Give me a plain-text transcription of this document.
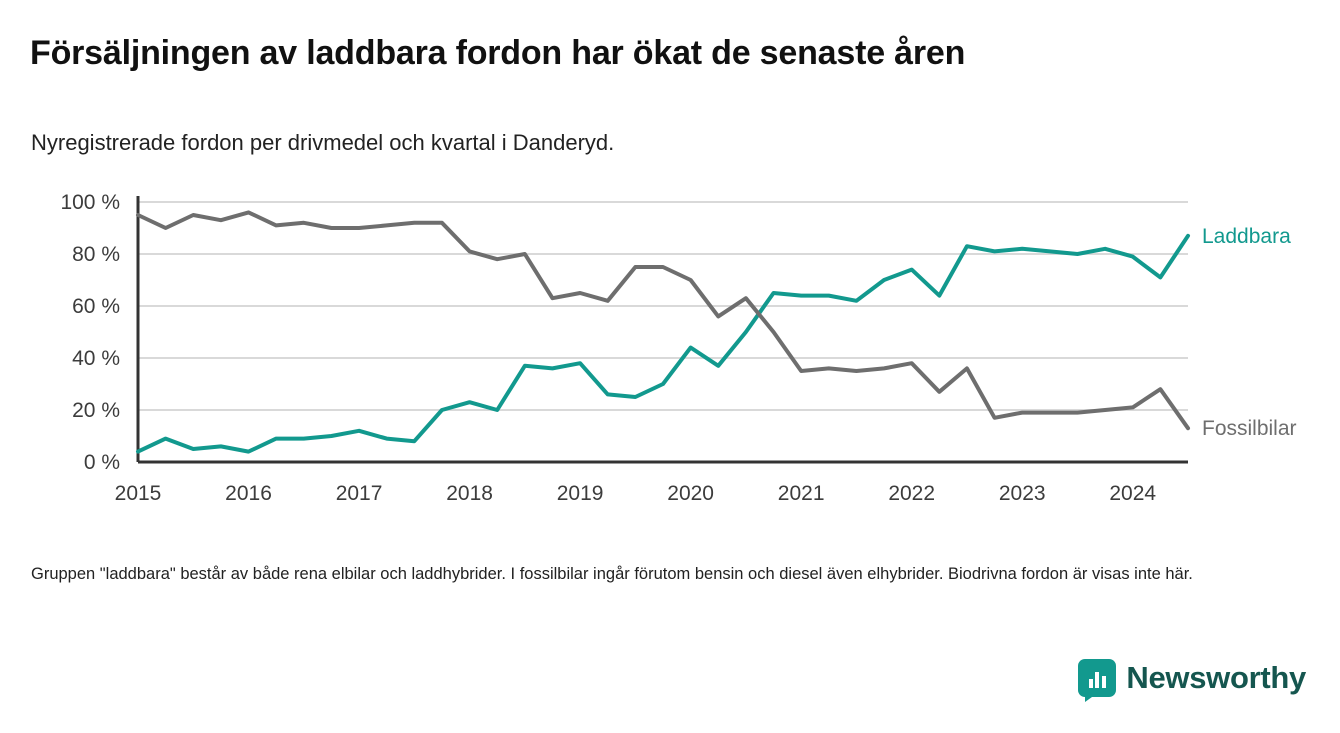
Försäljningen av laddbara fordon har ökat de senaste åren
Nyregistrerade fordon per drivmedel och kvartal i Danderyd.
0 %
20 %
40 %
60 %
80 %
100 %
2015	2016	2017	2018	2019	2020	2021	2022	2023	2024
Laddbara
Fossilbilar
Gruppen "laddbara" består av både rena elbilar och laddhybrider. I fossilbilar ingår förutom bensin och diesel även elhybrider. Biodrivna fordon är visas inte här.
Newsworthy
